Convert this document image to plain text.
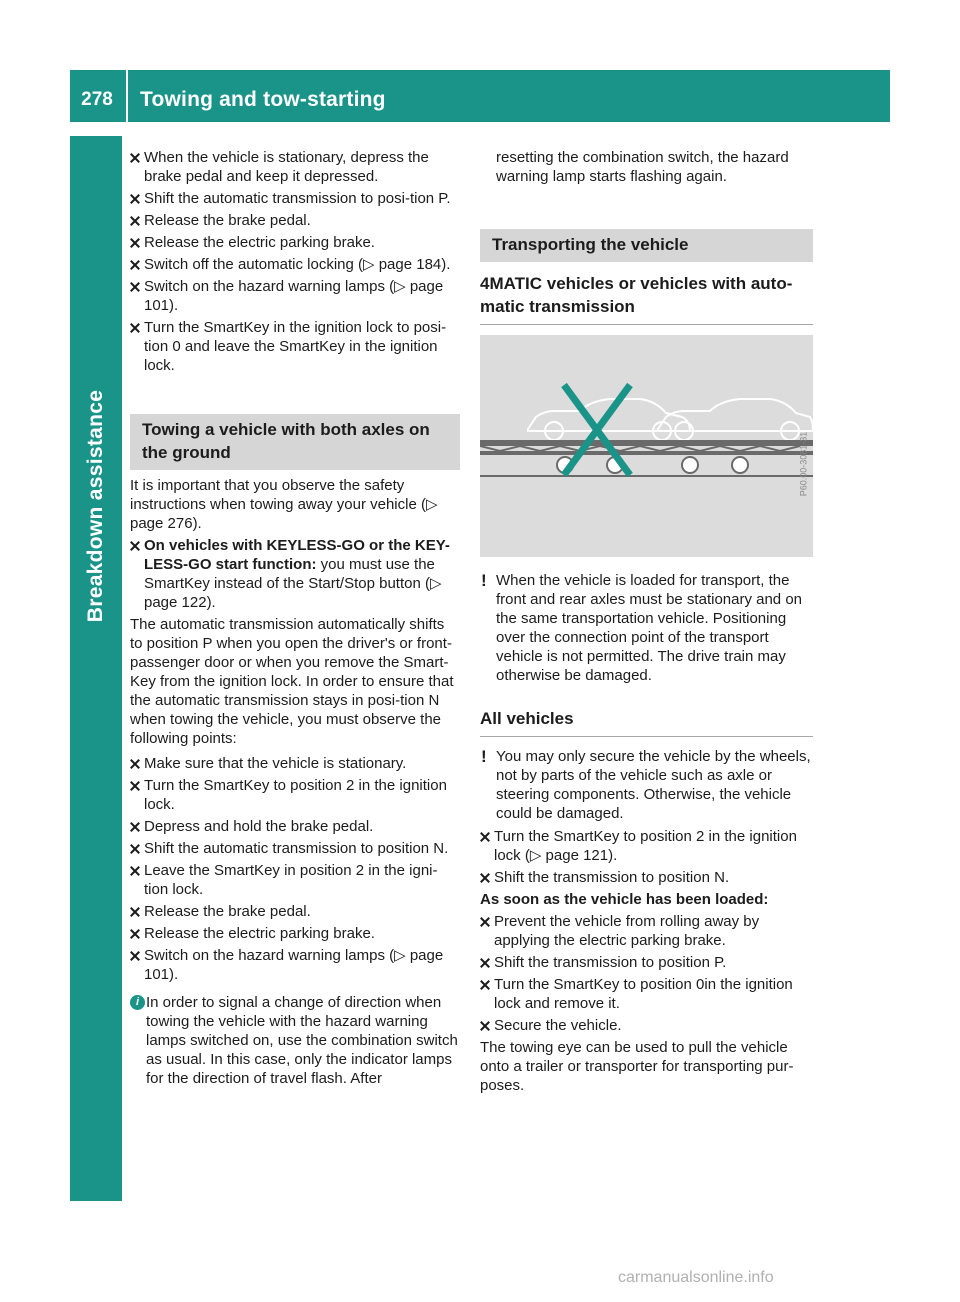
278	Towing and tow-starting
Breakdown assistance
When the vehicle is stationary, depress the brake pedal and keep it depressed.
Shift the automatic transmission to posi-tion P.
Release the brake pedal.
Release the electric parking brake.
Switch off the automatic locking (▷ page 184).
Switch on the hazard warning lamps (▷ page 101).
Turn the SmartKey in the ignition lock to posi-tion 0 and leave the SmartKey in the ignition lock.
Towing a vehicle with both axles on the ground

It is important that you observe the safety instructions when towing away your vehicle (▷ page 276).

On vehicles with KEYLESS-GO or the KEY-LESS-GO start function: you must use the SmartKey instead of the Start/Stop button (▷ page 122).

The automatic transmission automatically shifts to position P when you open the driver's or front-passenger door or when you remove the Smart-Key from the ignition lock. In order to ensure that the automatic transmission stays in posi-tion N when towing the vehicle, you must observe the following points:

Make sure that the vehicle is stationary.
Turn the SmartKey to position 2 in the ignition lock.
Depress and hold the brake pedal.
Shift the automatic transmission to position N.
Leave the SmartKey in position 2 in the igni-tion lock.
Release the brake pedal.
Release the electric parking brake.
Switch on the hazard warning lamps (▷ page 101).
i In order to signal a change of direction when towing the vehicle with the hazard warning lamps switched on, use the combination switch as usual. In this case, only the indicator lamps for the direction of travel flash. After

resetting the combination switch, the hazard warning lamp starts flashing again.

Transporting the vehicle
4MATIC vehicles or vehicles with auto-matic transmission
P60.00-3081-31
! When the vehicle is loaded for transport, the front and rear axles must be stationary and on the same transportation vehicle. Positioning over the connection point of the transport vehicle is not permitted. The drive train may otherwise be damaged.
All vehicles
! You may only secure the vehicle by the wheels, not by parts of the vehicle such as axle or steering components. Otherwise, the vehicle could be damaged.
Turn the SmartKey to position 2 in the ignition lock (▷ page 121).
Shift the transmission to position N.
As soon as the vehicle has been loaded:
Prevent the vehicle from rolling away by applying the electric parking brake.
Shift the transmission to position P.
Turn the SmartKey to position 0in the ignition lock and remove it.
Secure the vehicle.

The towing eye can be used to pull the vehicle onto a trailer or transporter for transporting pur-poses.

carmanualsonline.info
